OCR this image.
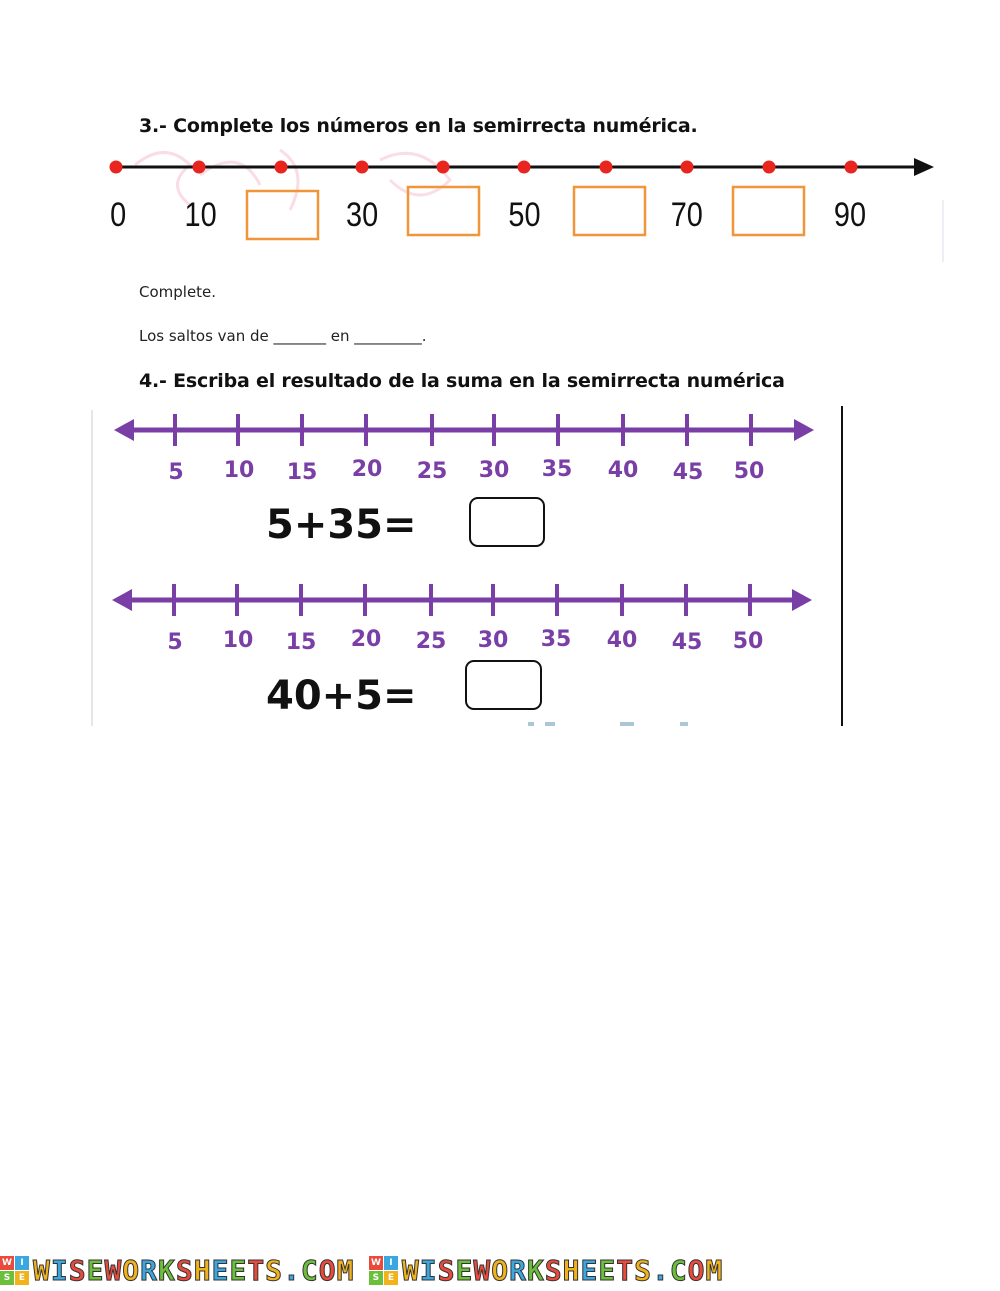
3.- Complete los números en la semirrecta numérica.
0 10	30	50	70	90
Complete.
Los saltos van de _______ en _________.
4.- Escriba el resultado de la suma en la semirrecta numérica
5 10 15 20 25 30 35 40 45 50
5+35=
5 10 15 20 25 30 35 40 45 50
40+5=
W I
S E W I S E W O R K S H E E T S . C O M
W I
S E W I S E W O R K S H E E T S . C O M
